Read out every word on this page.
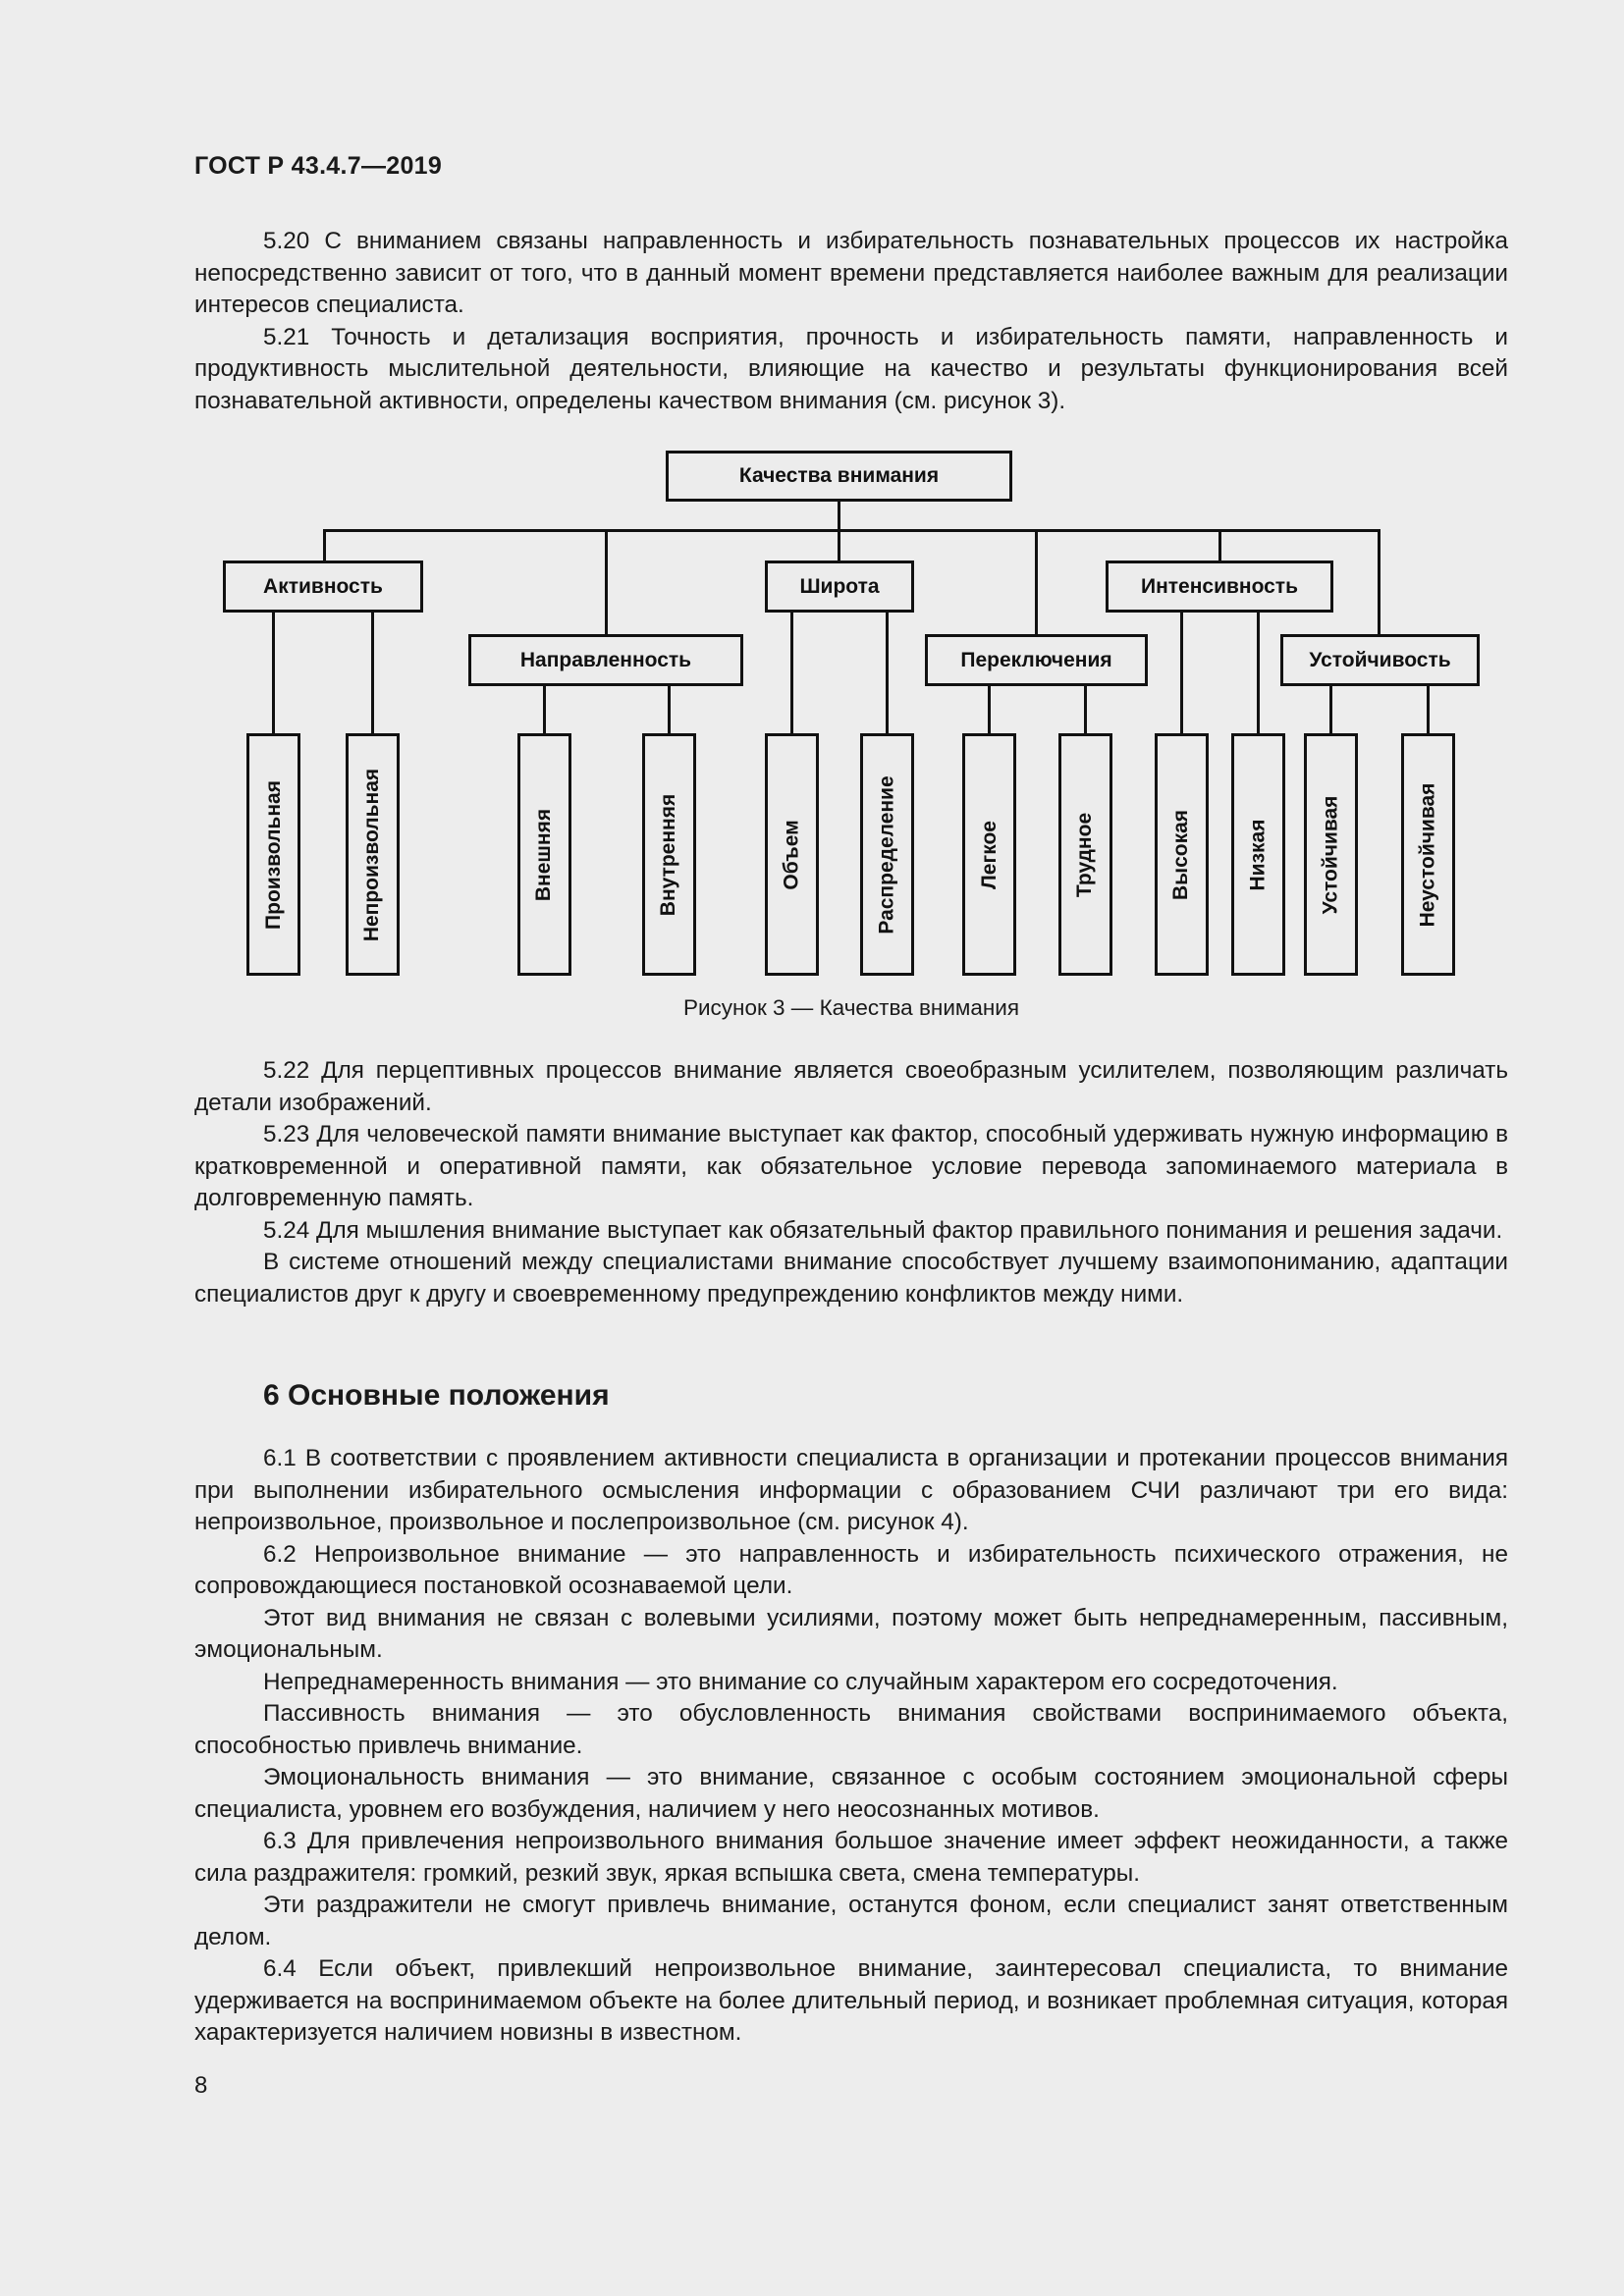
ГОСТ Р 43.4.7—2019

5.20 С вниманием связаны направленность и избирательность познавательных процессов их настройка непосредственно зависит от того, что в данный момент времени представляется наиболее важным для реализации интересов специалиста.

5.21 Точность и детализация восприятия, прочность и избирательность памяти, направленность и продуктивность мыслительной деятельности, влияющие на качество и результаты функционирования всей познавательной активности, определены качеством внимания (см. рисунок 3).

Качества внимания
Активность
Направленность
Широта
Переключения
Интенсивность
Устойчивость
Произвольная	Непроизвольная	Внешняя	Внутренняя	Объем	Распределение	Легкое	Трудное	Высокая	Низкая Устойчивая	Неустойчивая
Рисунок 3 — Качества внимания

5.22 Для перцептивных процессов внимание является своеобразным усилителем, позволяющим различать детали изображений.

5.23 Для человеческой памяти внимание выступает как фактор, способный удерживать нужную информацию в кратковременной и оперативной памяти, как обязательное условие перевода запоминаемого материала в долговременную память.

5.24 Для мышления внимание выступает как обязательный фактор правильного понимания и решения задачи.

В системе отношений между специалистами внимание способствует лучшему взаимопониманию, адаптации специалистов друг к другу и своевременному предупреждению конфликтов между ними.

6 Основные положения

6.1 В соответствии с проявлением активности специалиста в организации и протекании процессов внимания при выполнении избирательного осмысления информации с образованием СЧИ различают три его вида: непроизвольное, произвольное и послепроизвольное (см. рисунок 4).

6.2 Непроизвольное внимание — это направленность и избирательность психического отражения, не сопровождающиеся постановкой осознаваемой цели.

Этот вид внимания не связан с волевыми усилиями, поэтому может быть непреднамеренным, пассивным, эмоциональным.

Непреднамеренность внимания — это внимание со случайным характером его сосредоточения.

Пассивность внимания — это обусловленность внимания свойствами воспринимаемого объекта, способностью привлечь внимание.

Эмоциональность внимания — это внимание, связанное с особым состоянием эмоциональной сферы специалиста, уровнем его возбуждения, наличием у него неосознанных мотивов.

6.3 Для привлечения непроизвольного внимания большое значение имеет эффект неожиданности, а также сила раздражителя: громкий, резкий звук, яркая вспышка света, смена температуры.

Эти раздражители не смогут привлечь внимание, останутся фоном, если специалист занят ответственным делом.

6.4 Если объект, привлекший непроизвольное внимание, заинтересовал специалиста, то внимание удерживается на воспринимаемом объекте на более длительный период, и возникает проблемная ситуация, которая характеризуется наличием новизны в известном.

8
